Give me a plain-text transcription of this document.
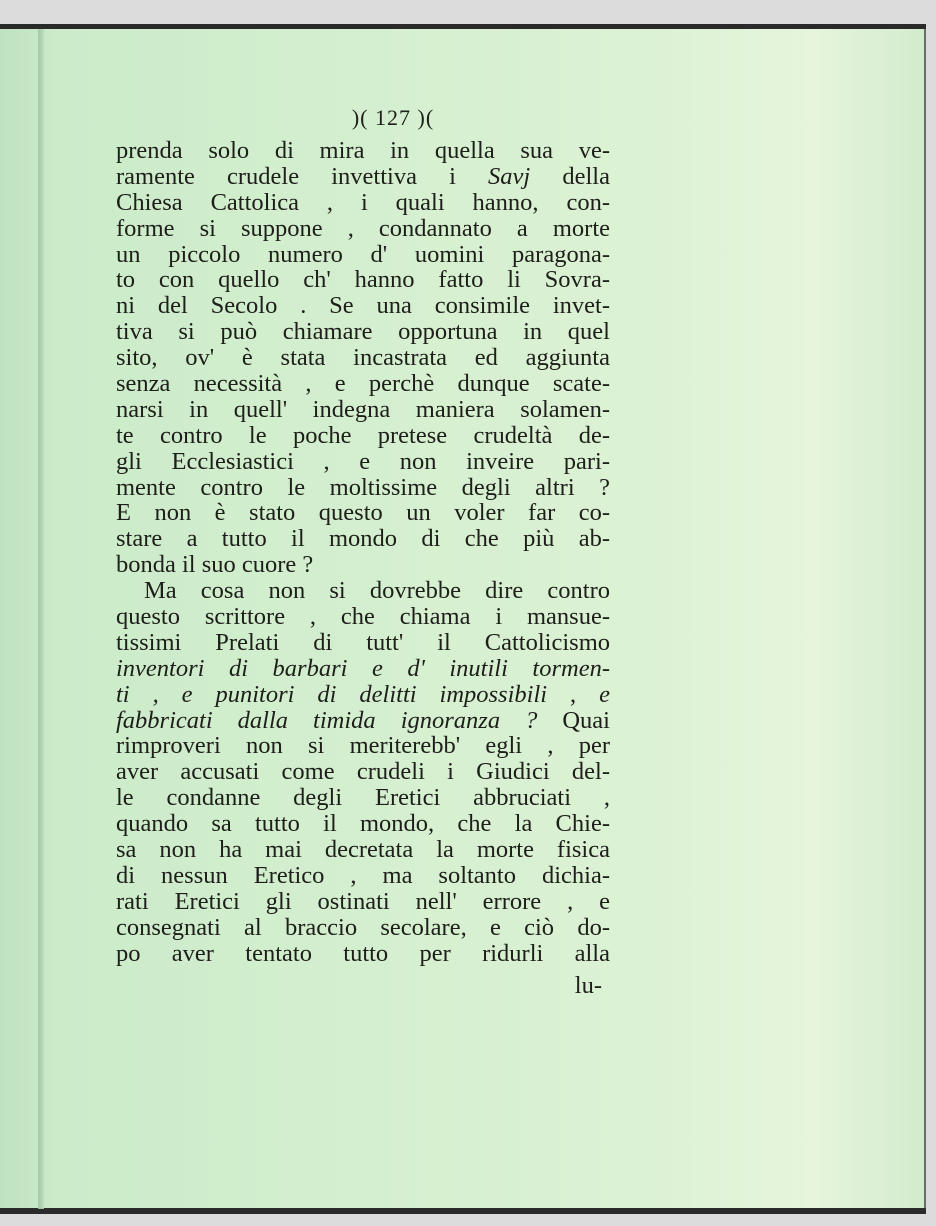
)( 127 )(
prenda solo di mira in quella sua ve-
ramente crudele invettiva i Savj della
Chiesa Cattolica , i quali hanno, con-
forme si suppone , condannato a morte
un piccolo numero d' uomini paragona-
to con quello ch' hanno fatto li Sovra-
ni del Secolo . Se una consimile invet-
tiva si può chiamare opportuna in quel
sito, ov' è stata incastrata ed aggiunta
senza necessità , e perchè dunque scate-
narsi in quell' indegna maniera solamen-
te contro le poche pretese crudeltà de-
gli Ecclesiastici , e non inveire pari-
mente contro le moltissime degli altri ?
E non è stato questo un voler far co-
stare a tutto il mondo di che più ab-
bonda il suo cuore ?
Ma cosa non si dovrebbe dire contro
questo scrittore , che chiama i mansue-
tissimi Prelati di tutt' il Cattolicismo
inventori di barbari e d' inutili tormen-
ti , e punitori di delitti impossibili , e
fabbricati dalla timida ignoranza ? Quai
rimproveri non si meriterebb' egli , per
aver accusati come crudeli i Giudici del-
le condanne degli Eretici abbruciati ,
quando sa tutto il mondo, che la Chie-
sa non ha mai decretata la morte fisica
di nessun Eretico , ma soltanto dichia-
rati Eretici gli ostinati nell' errore , e
consegnati al braccio secolare, e ciò do-
po aver tentato tutto per ridurli alla
lu-
